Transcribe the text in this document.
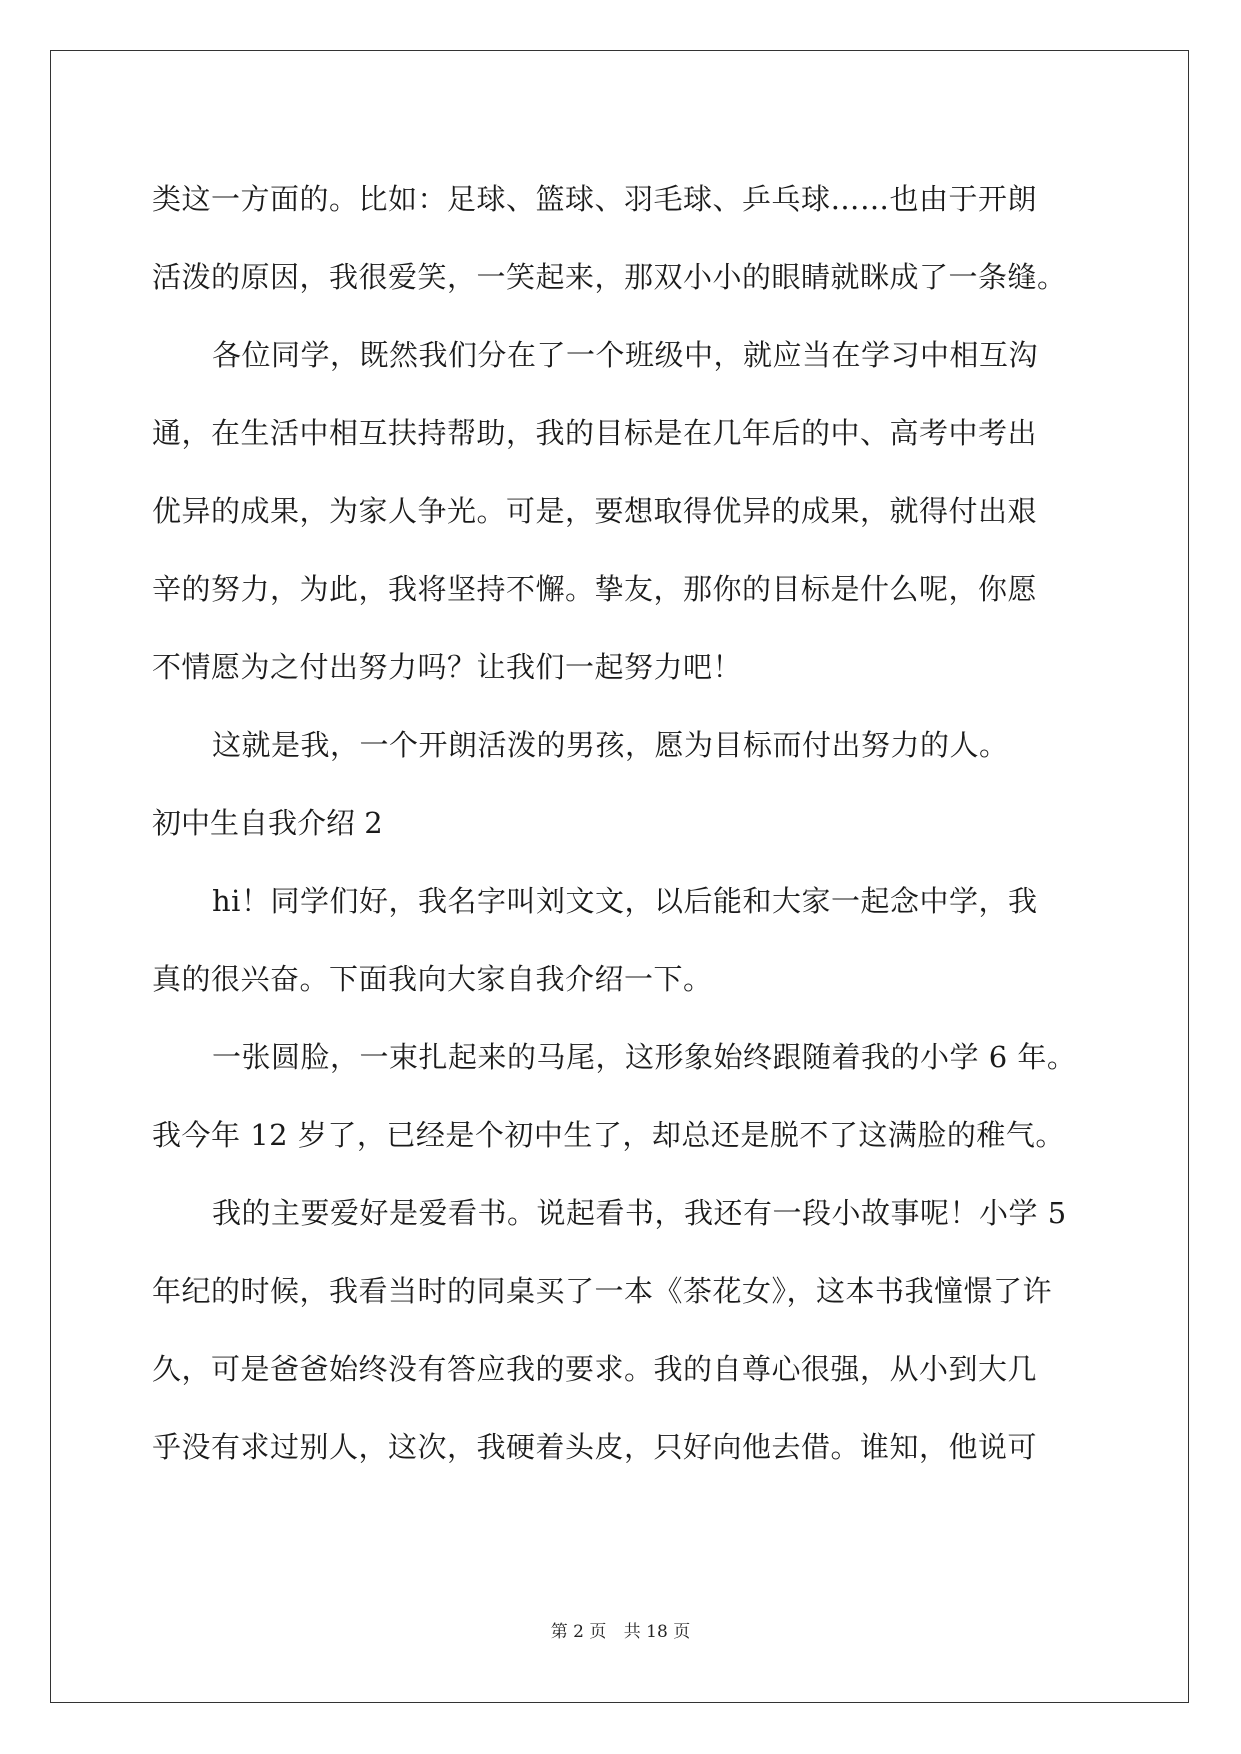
类这一方面的。比如：足球、篮球、羽毛球、乒乓球……也由于开朗
活泼的原因，我很爱笑，一笑起来，那双小小的眼睛就眯成了一条缝。
各位同学，既然我们分在了一个班级中，就应当在学习中相互沟
通，在生活中相互扶持帮助，我的目标是在几年后的中、高考中考出
优异的成果，为家人争光。可是，要想取得优异的成果，就得付出艰
辛的努力，为此，我将坚持不懈。挚友，那你的目标是什么呢，你愿
不情愿为之付出努力吗？让我们一起努力吧！
这就是我，一个开朗活泼的男孩，愿为目标而付出努力的人。
初中生自我介绍 2
hi！同学们好，我名字叫刘文文，以后能和大家一起念中学，我
真的很兴奋。下面我向大家自我介绍一下。
一张圆脸，一束扎起来的马尾，这形象始终跟随着我的小学 6 年。
我今年 12 岁了，已经是个初中生了，却总还是脱不了这满脸的稚气。
我的主要爱好是爱看书。说起看书，我还有一段小故事呢！小学 5
年纪的时候，我看当时的同桌买了一本《茶花女》，这本书我憧憬了许
久，可是爸爸始终没有答应我的要求。我的自尊心很强，从小到大几
乎没有求过别人，这次，我硬着头皮，只好向他去借。谁知，他说可
第 2 页 共 18 页
